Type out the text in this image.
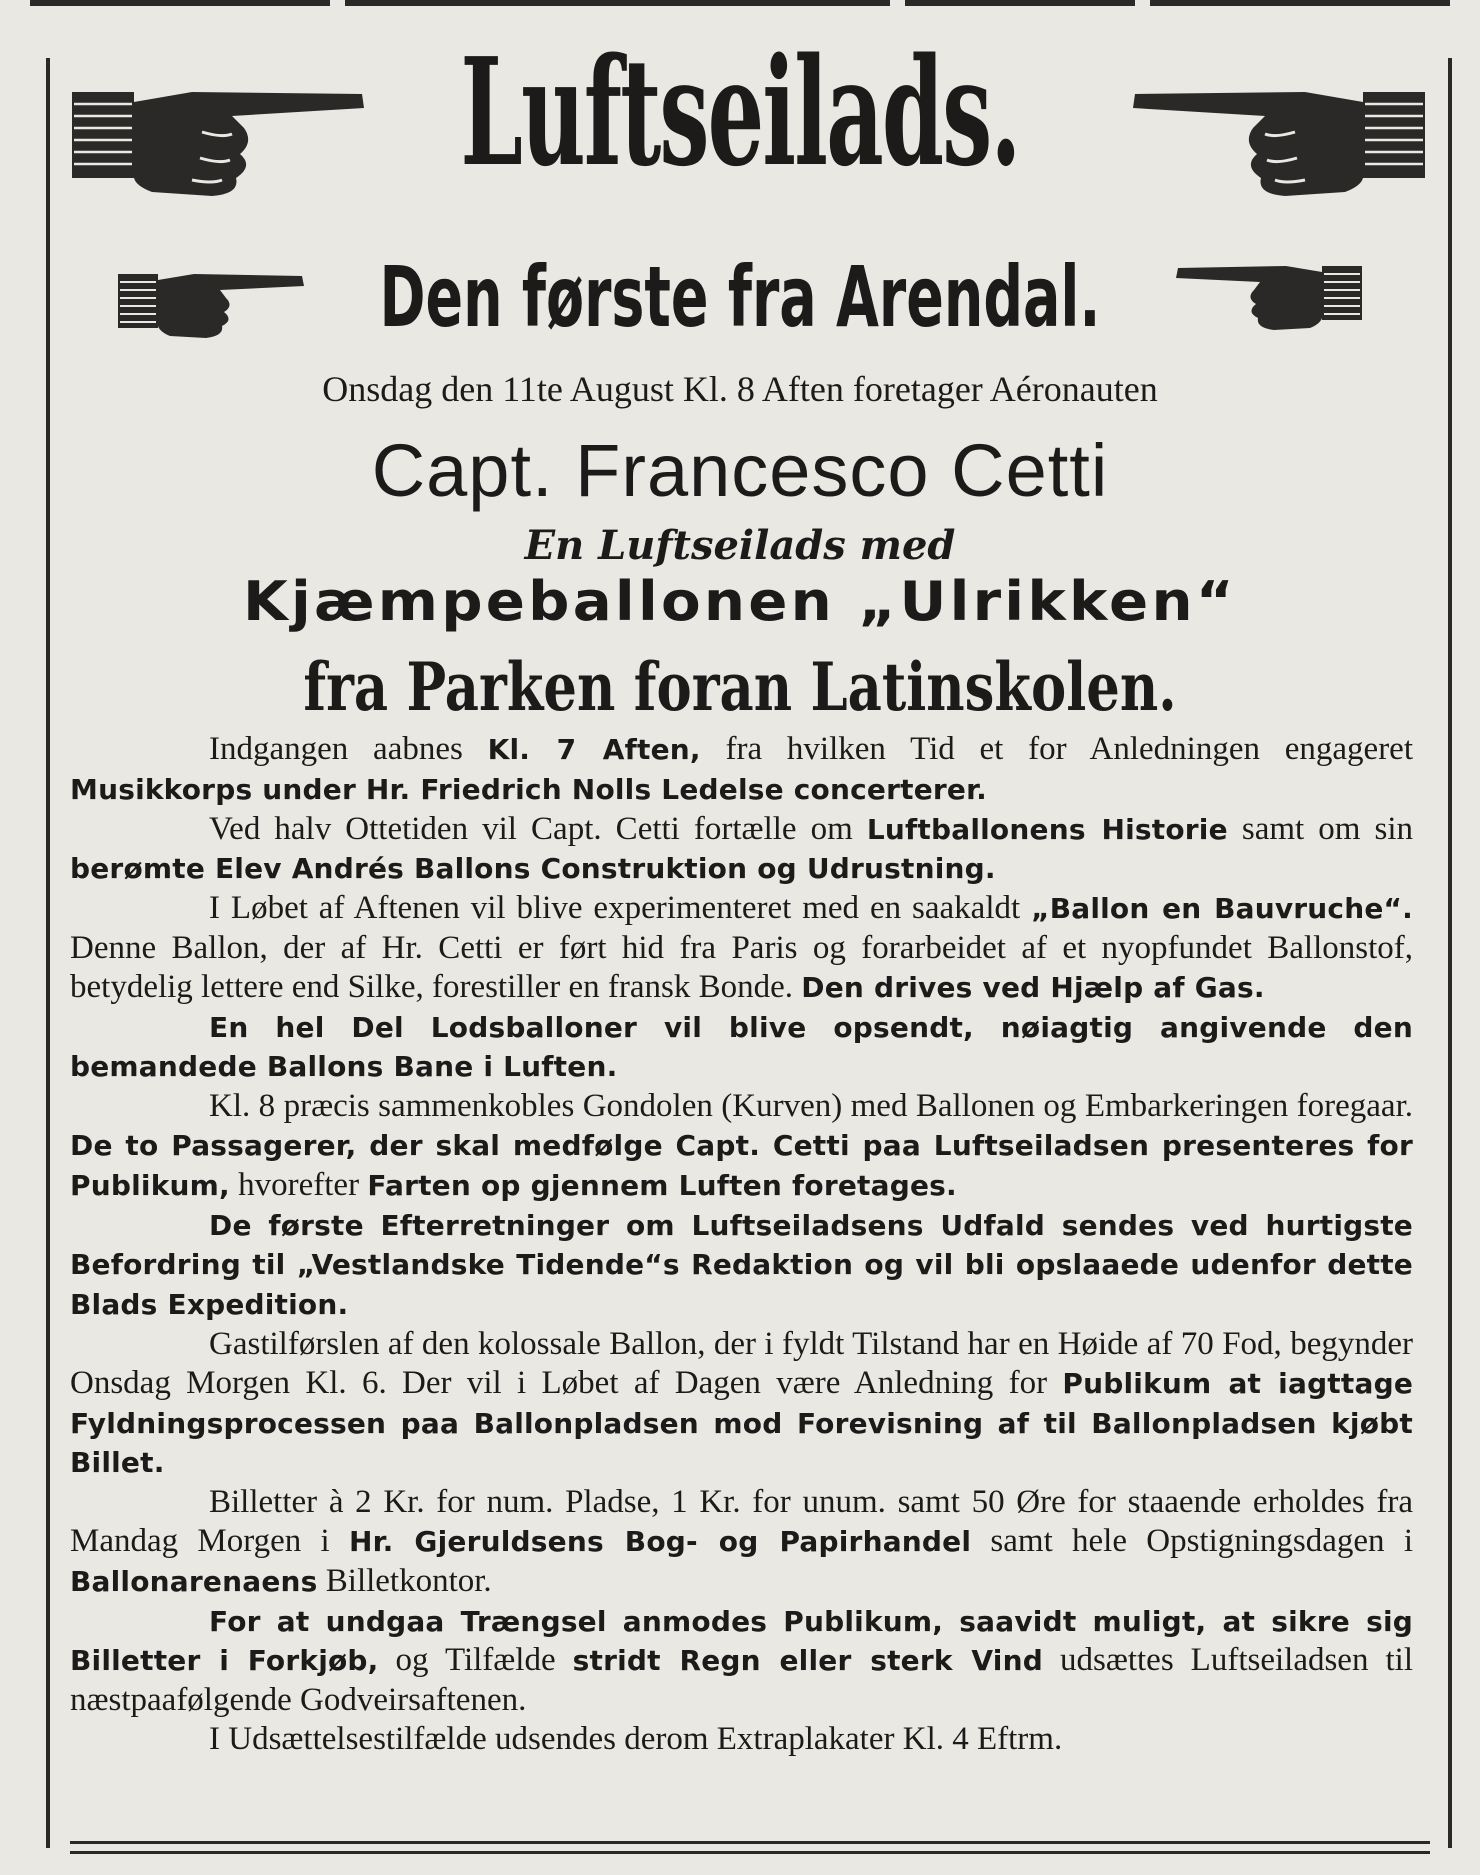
Luftseilads.
Den første fra Arendal.
Onsdag den 11te August Kl. 8 Aften foretager Aéronauten
Capt. Francesco Cetti
En Luftseilads med
Kjæmpeballonen „Ulrikken“
fra Parken foran Latinskolen.

Indgangen aabnes Kl. 7 Aften, fra hvilken Tid et for Anledningen engageret Musikkorps under Hr. Friedrich Nolls Ledelse concerterer.

Ved halv Ottetiden vil Capt. Cetti fortælle om Luftballonens Historie samt om sin berømte Elev Andrés Ballons Construktion og Udrustning.

I Løbet af Aftenen vil blive experimenteret med en saakaldt „Ballon en Bauvruche“. Denne Ballon, der af Hr. Cetti er ført hid fra Paris og forarbeidet af et nyopfundet Ballonstof, betydelig lettere end Silke, forestiller en fransk Bonde. Den drives ved Hjælp af Gas.

En hel Del Lodsballoner vil blive opsendt, nøiagtig angivende den bemandede Ballons Bane i Luften.

Kl. 8 præcis sammenkobles Gondolen (Kurven) med Ballonen og Embarkeringen foregaar. De to Passagerer, der skal medfølge Capt. Cetti paa Luftseiladsen presenteres for Publikum, hvorefter Farten op gjennem Luften foretages.

De første Efterretninger om Luftseiladsens Udfald sendes ved hurtigste Befordring til „Vestlandske Tidende“s Redaktion og vil bli opslaaede udenfor dette Blads Expedition.

Gastilførslen af den kolossale Ballon, der i fyldt Tilstand har en Høide af 70 Fod, begynder Onsdag Morgen Kl. 6. Der vil i Løbet af Dagen være Anledning for Publikum at iagttage Fyldningsprocessen paa Ballonpladsen mod Forevisning af til Ballonpladsen kjøbt Billet.

Billetter à 2 Kr. for num. Pladse, 1 Kr. for unum. samt 50 Øre for staaende erholdes fra Mandag Morgen i Hr. Gjeruldsens Bog- og Papirhandel samt hele Opstigningsdagen i Ballonarenaens Billetkontor.

For at undgaa Trængsel anmodes Publikum, saavidt muligt, at sikre sig Billetter i Forkjøb, og Tilfælde stridt Regn eller sterk Vind udsættes Luftseiladsen til næstpaafølgende Godveirsaftenen.

I Udsættelsestilfælde udsendes derom Extraplakater Kl. 4 Eftrm.
